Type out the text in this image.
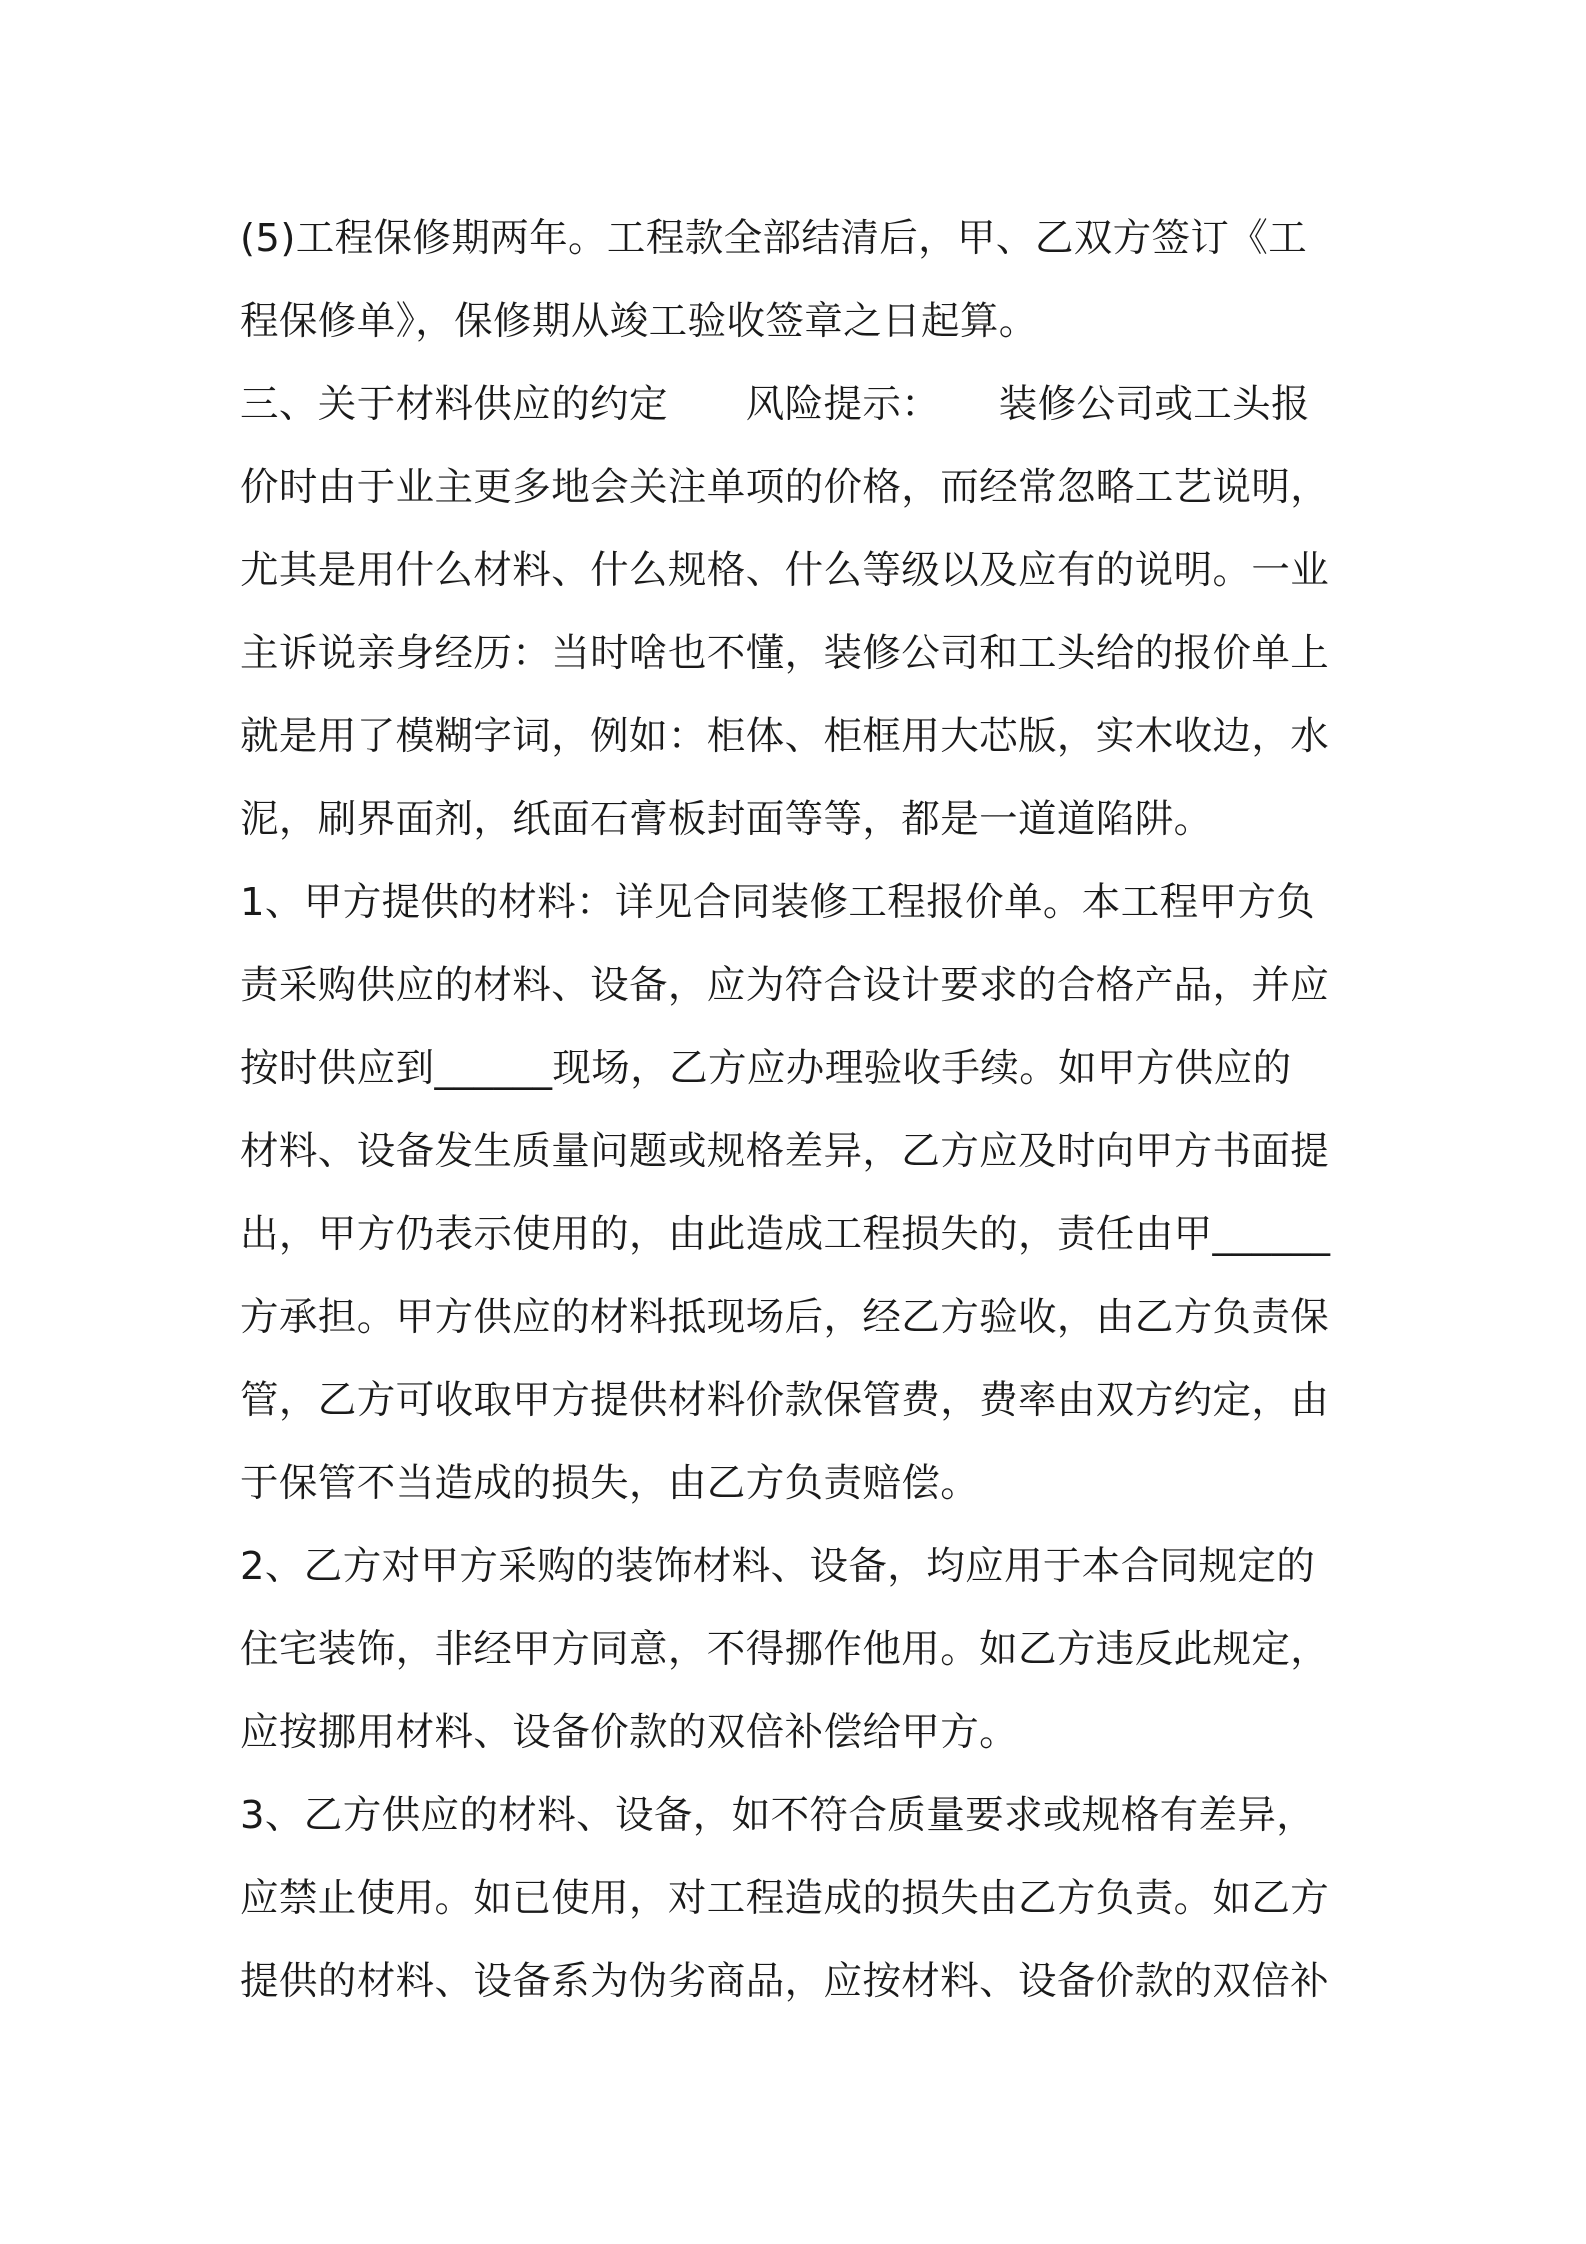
(5)工程保修期两年。工程款全部结清后，甲、乙双方签订《工
程保修单》，保修期从竣工验收签章之日起算。
三、关于材料供应的约定　　风险提示：　　装修公司或工头报
价时由于业主更多地会关注单项的价格，而经常忽略工艺说明，
尤其是用什么材料、什么规格、什么等级以及应有的说明。一业
主诉说亲身经历：当时啥也不懂，装修公司和工头给的报价单上
就是用了模糊字词，例如：柜体、柜框用大芯版，实木收边，水
泥，刷界面剂，纸面石膏板封面等等，都是一道道陷阱。
1、甲方提供的材料：详见合同装修工程报价单。本工程甲方负
责采购供应的材料、设备，应为符合设计要求的合格产品，并应
按时供应到______现场，乙方应办理验收手续。如甲方供应的
材料、设备发生质量问题或规格差异，乙方应及时向甲方书面提
出，甲方仍表示使用的，由此造成工程损失的，责任由甲______
方承担。甲方供应的材料抵现场后，经乙方验收，由乙方负责保
管，乙方可收取甲方提供材料价款保管费，费率由双方约定，由
于保管不当造成的损失，由乙方负责赔偿。
2、乙方对甲方采购的装饰材料、设备，均应用于本合同规定的
住宅装饰，非经甲方同意，不得挪作他用。如乙方违反此规定，
应按挪用材料、设备价款的双倍补偿给甲方。
3、乙方供应的材料、设备，如不符合质量要求或规格有差异，
应禁止使用。如已使用，对工程造成的损失由乙方负责。如乙方
提供的材料、设备系为伪劣商品，应按材料、设备价款的双倍补
